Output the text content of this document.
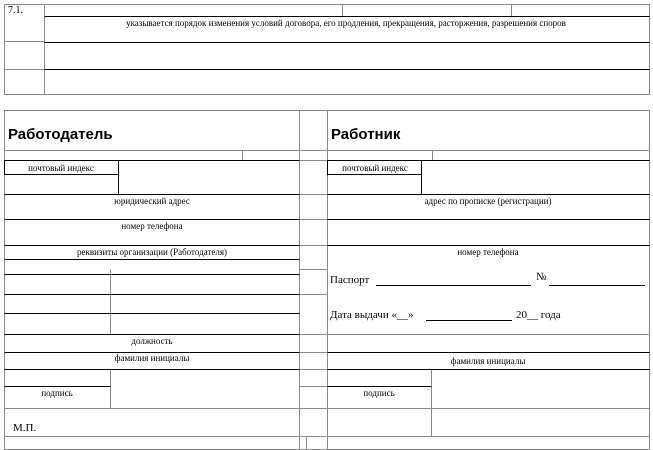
7.1.
указывается порядок изменения условий договора, его продления, прекращения, расторжения, разрешения споров
Работодатель
почтовый индекс
юридический адрес
номер телефона
реквизиты организации (Работодателя)
должность
фамилия инициалы
подпись
М.П.
Работник
почтовый индекс
адрес по прописке (регистрации)
номер телефона
Паспорт	№
Дата выдачи «__»	20__ года
фамилия инициалы
подпись
